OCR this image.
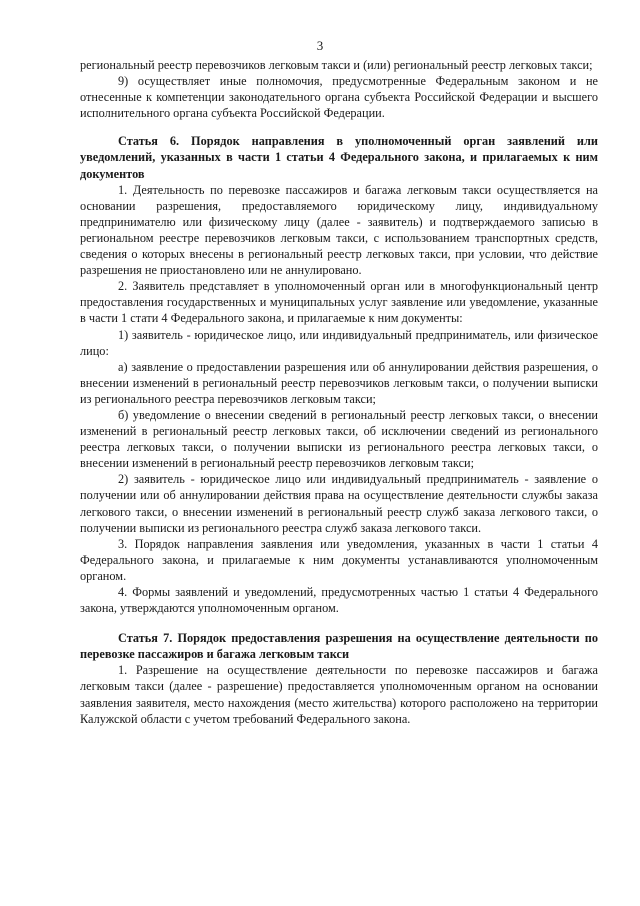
3

региональный реестр перевозчиков легковым такси и (или) региональный реестр легковых такси;

9) осуществляет иные полномочия, предусмотренные Федеральным законом и не отнесенные к компетенции законодательного органа субъекта Российской Федерации и высшего исполнительного органа субъекта Российской Федерации.

Статья 6. Порядок направления в уполномоченный орган заявлений или уведомлений, указанных в части 1 статьи 4 Федерального закона, и прилагаемых к ним документов

1. Деятельность по перевозке пассажиров и багажа легковым такси осуществляется на основании разрешения, предоставляемого юридическому лицу, индивидуальному предпринимателю или физическому лицу (далее - заявитель) и подтверждаемого записью в региональном реестре перевозчиков легковым такси, с использованием транспортных средств, сведения о которых внесены в региональный реестр легковых такси, при условии, что действие разрешения не приостановлено или не аннулировано.

2. Заявитель представляет в уполномоченный орган или в многофункциональный центр предоставления государственных и муниципальных услуг заявление или уведомление, указанные в части 1 стати 4 Федерального закона, и прилагаемые к ним документы:

1) заявитель - юридическое лицо, или индивидуальный предприниматель, или физическое лицо:

а) заявление о предоставлении разрешения или об аннулировании действия разрешения, о внесении изменений в региональный реестр перевозчиков легковым такси, о получении выписки из регионального реестра перевозчиков легковым такси;

б) уведомление о внесении сведений в региональный реестр легковых такси, о внесении изменений в региональный реестр легковых такси, об исключении сведений из регионального реестра легковых такси, о получении выписки из регионального реестра легковых такси, о внесении изменений в региональный реестр перевозчиков легковым такси;

2) заявитель - юридическое лицо или индивидуальный предприниматель - заявление о получении или об аннулировании действия права на осуществление деятельности службы заказа легкового такси, о внесении изменений в региональный реестр служб заказа легкового такси, о получении выписки из регионального реестра служб заказа легкового такси.

3. Порядок направления заявления или уведомления, указанных в части 1 статьи 4 Федерального закона, и прилагаемые к ним документы устанавливаются уполномоченным органом.

4. Формы заявлений и уведомлений, предусмотренных частью 1 статьи 4 Федерального закона, утверждаются уполномоченным органом.

Статья 7. Порядок предоставления разрешения на осуществление деятельности по перевозке пассажиров и багажа легковым такси

1. Разрешение на осуществление деятельности по перевозке пассажиров и багажа легковым такси (далее - разрешение) предоставляется уполномоченным органом на основании заявления заявителя, место нахождения (место жительства) которого расположено на территории Калужской области с учетом требований Федерального закона.
